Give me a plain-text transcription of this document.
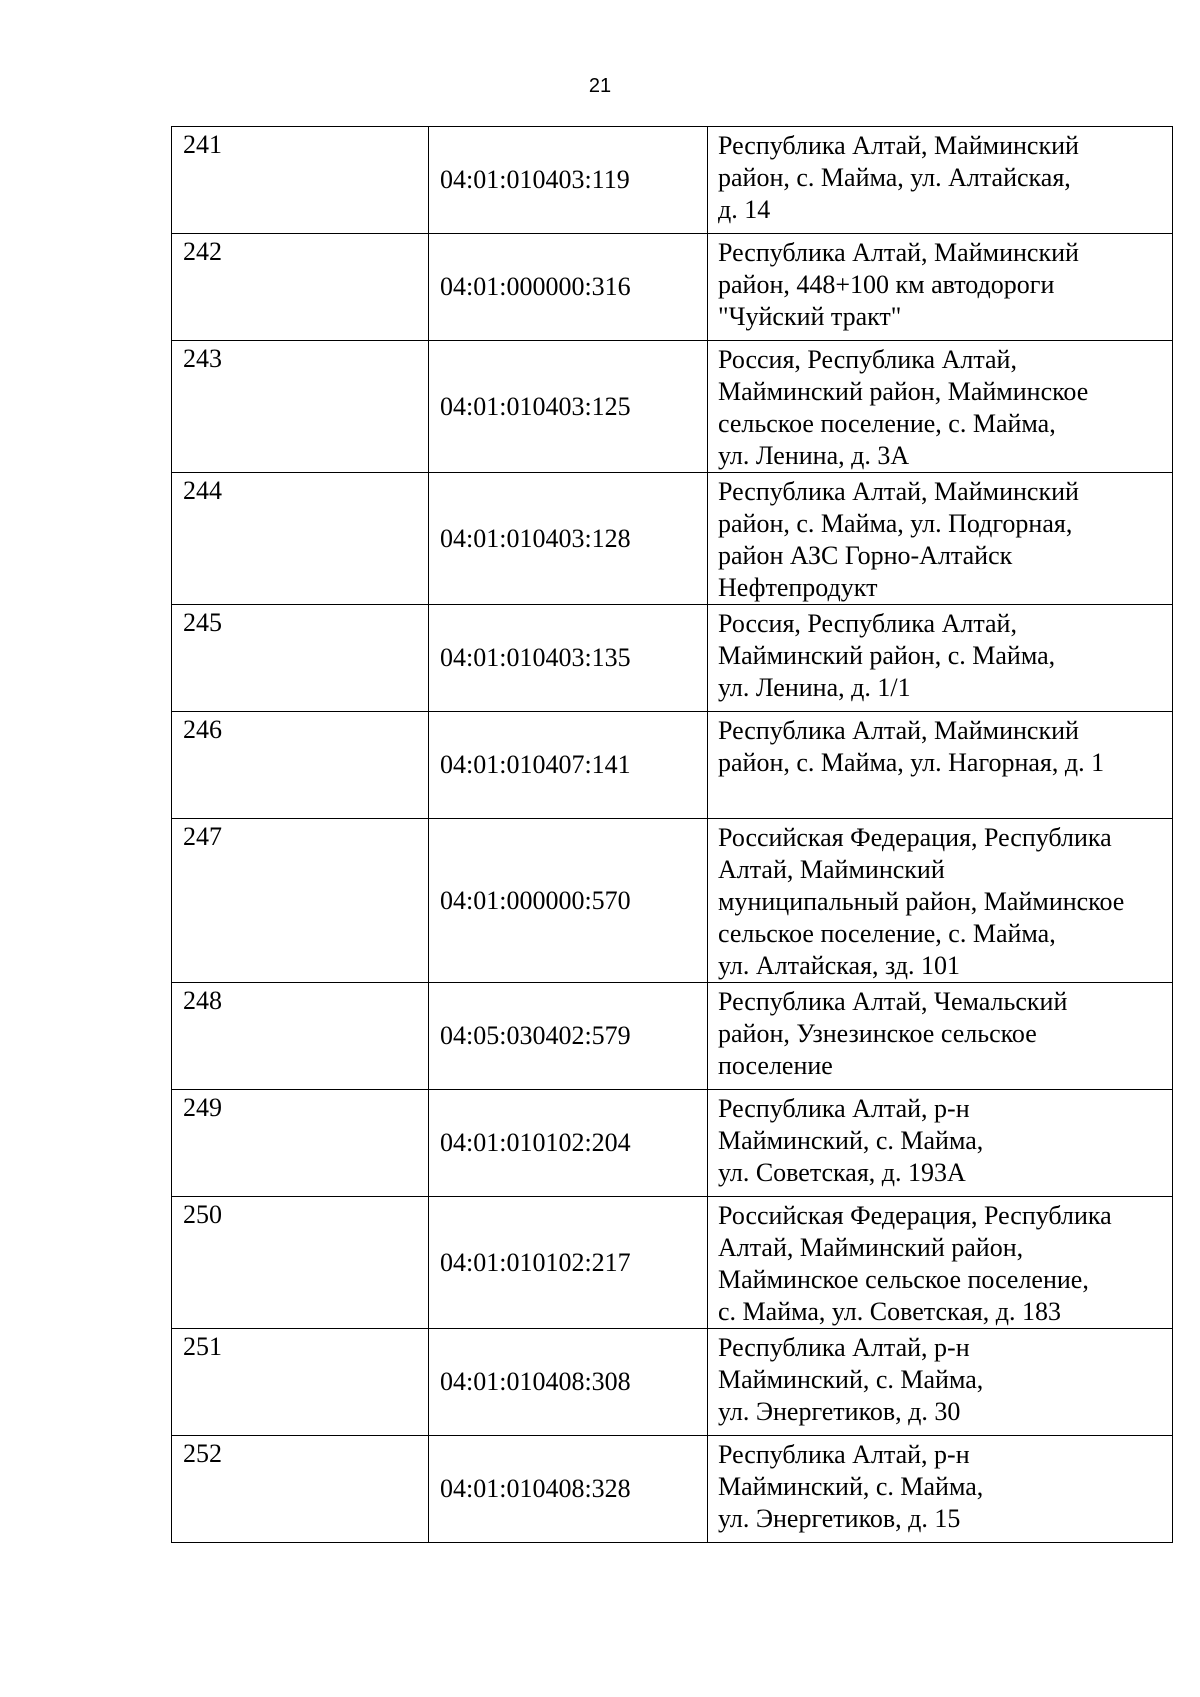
21
241	04:01:010403:119	Республика Алтай, Майминский
район, с. Майма, ул. Алтайская,
д. 14

242	04:01:000000:316	Республика Алтай, Майминский
район, 448+100 км автодороги
"Чуйский тракт"

243	04:01:010403:125	Россия, Республика Алтай,
Майминский район, Майминское
сельское поселение, с. Майма,
ул. Ленина, д. 3А

244	04:01:010403:128	Республика Алтай, Майминский
район, с. Майма, ул. Подгорная,
район АЗС Горно-Алтайск
Нефтепродукт

245	04:01:010403:135	Россия, Республика Алтай,
Майминский район, с. Майма,
ул. Ленина, д. 1/1

246	04:01:010407:141	Республика Алтай, Майминский
район, с. Майма, ул. Нагорная, д. 1

247	04:01:000000:570	Российская Федерация, Республика
Алтай, Майминский
муниципальный район, Майминское
сельское поселение, с. Майма,
ул. Алтайская, зд. 101

248	04:05:030402:579	Республика Алтай, Чемальский
район, Узнезинское сельское
поселение

249	04:01:010102:204	Республика Алтай, р-н
Майминский, с. Майма,
ул. Советская, д. 193А

250	04:01:010102:217	Российская Федерация, Республика
Алтай, Майминский район,
Майминское сельское поселение,
с. Майма, ул. Советская, д. 183

251	04:01:010408:308	Республика Алтай, р-н
Майминский, с. Майма,
ул. Энергетиков, д. 30

252	04:01:010408:328	Республика Алтай, р-н
Майминский, с. Майма,
ул. Энергетиков, д. 15
